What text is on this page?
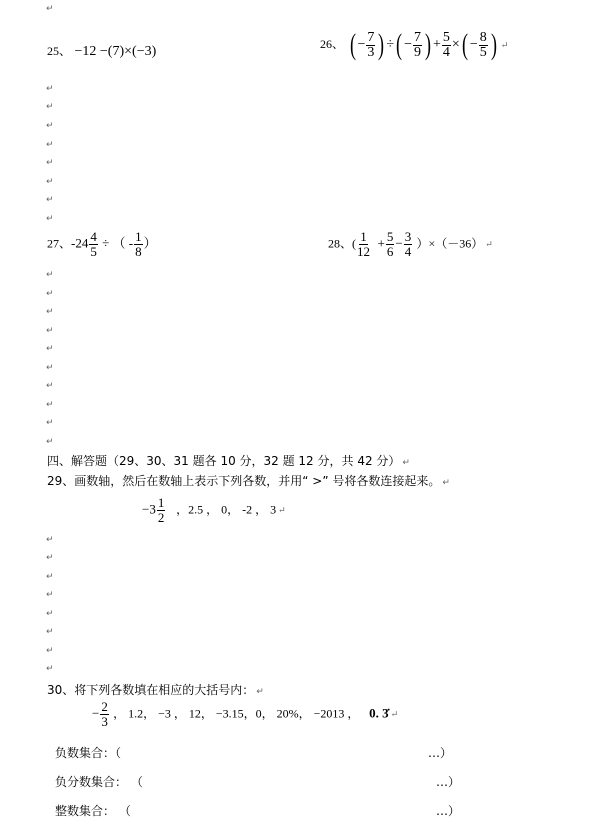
↵
25、 −12 −(7)×(−3)	26、 ( − $\frac{7}{3}$ ) ÷( − $\frac{7}{9}$ ) + $\frac{5}{4}$ ×( − $\frac{8}{5}$ )↵
↵
↵
↵
↵
↵
↵
↵
↵
27、$-24 \frac{4}{5}$ ÷ （ - $\frac{1}{8}$ ）	28、( $\frac{1}{12} + \frac{5}{6} - \frac{3}{4}$ ）×（－36）↵
↵
↵
↵
↵
↵
↵
↵
↵
↵
↵
四、解答题（29、30、31 题各 10 分，32 题 12 分，共 42 分）↵
29、画数轴，然后在数轴上表示下列各数，并用“ >” 号将各数连接起来。↵
$-3 \frac{1}{2}$ ，2.5 ， 0， -2 ， 3↵
↵
↵
↵
↵
↵
↵
↵
↵
30、将下列各数填在相应的大括号内：↵
− $\frac{2}{3}$ ， 1.2， −3 ， 12， −3.15，0， 20%， −2013 ， 0. 3̇↵
负数集合：（	…）
负分数集合： （	…）
整数集合： （	…）
